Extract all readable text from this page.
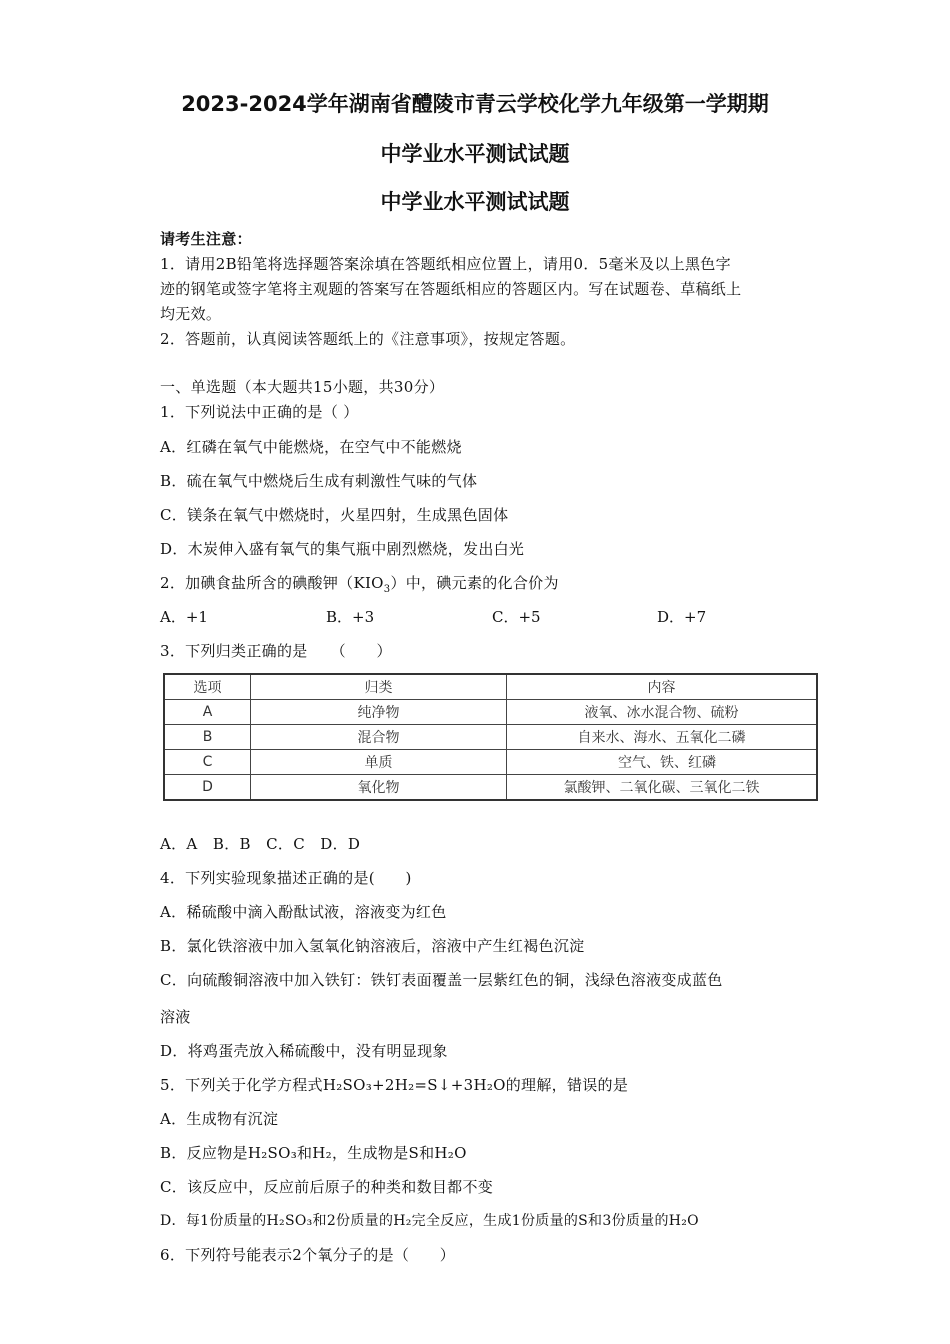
2023-2024学年湖南省醴陵市青云学校化学九年级第一学期期
中学业水平测试试题
中学业水平测试试题
请考生注意：
1．请用2B铅笔将选择题答案涂填在答题纸相应位置上，请用0．5毫米及以上黑色字
迹的钢笔或签字笔将主观题的答案写在答题纸相应的答题区内。写在试题卷、草稿纸上
均无效。
2．答题前，认真阅读答题纸上的《注意事项》，按规定答题。
一、单选题（本大题共15小题，共30分）
1．下列说法中正确的是（ ）
A．红磷在氧气中能燃烧，在空气中不能燃烧
B．硫在氧气中燃烧后生成有刺激性气味的气体
C．镁条在氧气中燃烧时，火星四射，生成黑色固体
D．木炭伸入盛有氧气的集气瓶中剧烈燃烧，发出白光
2．加碘食盐所含的碘酸钾$(KIO_3)$中，碘元素的化合价为
A．+1	B．+3	C．+5	D．+7
3．下列归类正确的是　　（　　）
选项	归类	内容
A	纯净物	液氧、冰水混合物、硫粉
B	混合物	自来水、海水、五氧化二磷
C	单质	空气、铁、红磷
D	氧化物	氯酸钾、二氧化碳、三氧化二铁
A．A　B．B　C．C　D．D
4．下列实验现象描述正确的是(　　)
A．稀硫酸中滴入酚酞试液，溶液变为红色
B．氯化铁溶液中加入氢氧化钠溶液后，溶液中产生红褐色沉淀
C．向硫酸铜溶液中加入铁钉：铁钉表面覆盖一层紫红色的铜，浅绿色溶液变成蓝色
溶液
D．将鸡蛋壳放入稀硫酸中，没有明显现象
5．下列关于化学方程式H₂SO₃+2H₂=S↓+3H₂O的理解，错误的是
A．生成物有沉淀
B．反应物是H₂SO₃和H₂，生成物是S和H₂O
C．该反应中，反应前后原子的种类和数目都不变
D．每1份质量的H₂SO₃和2份质量的H₂完全反应，生成1份质量的S和3份质量的H₂O
6．下列符号能表示2个氧分子的是（　　）
